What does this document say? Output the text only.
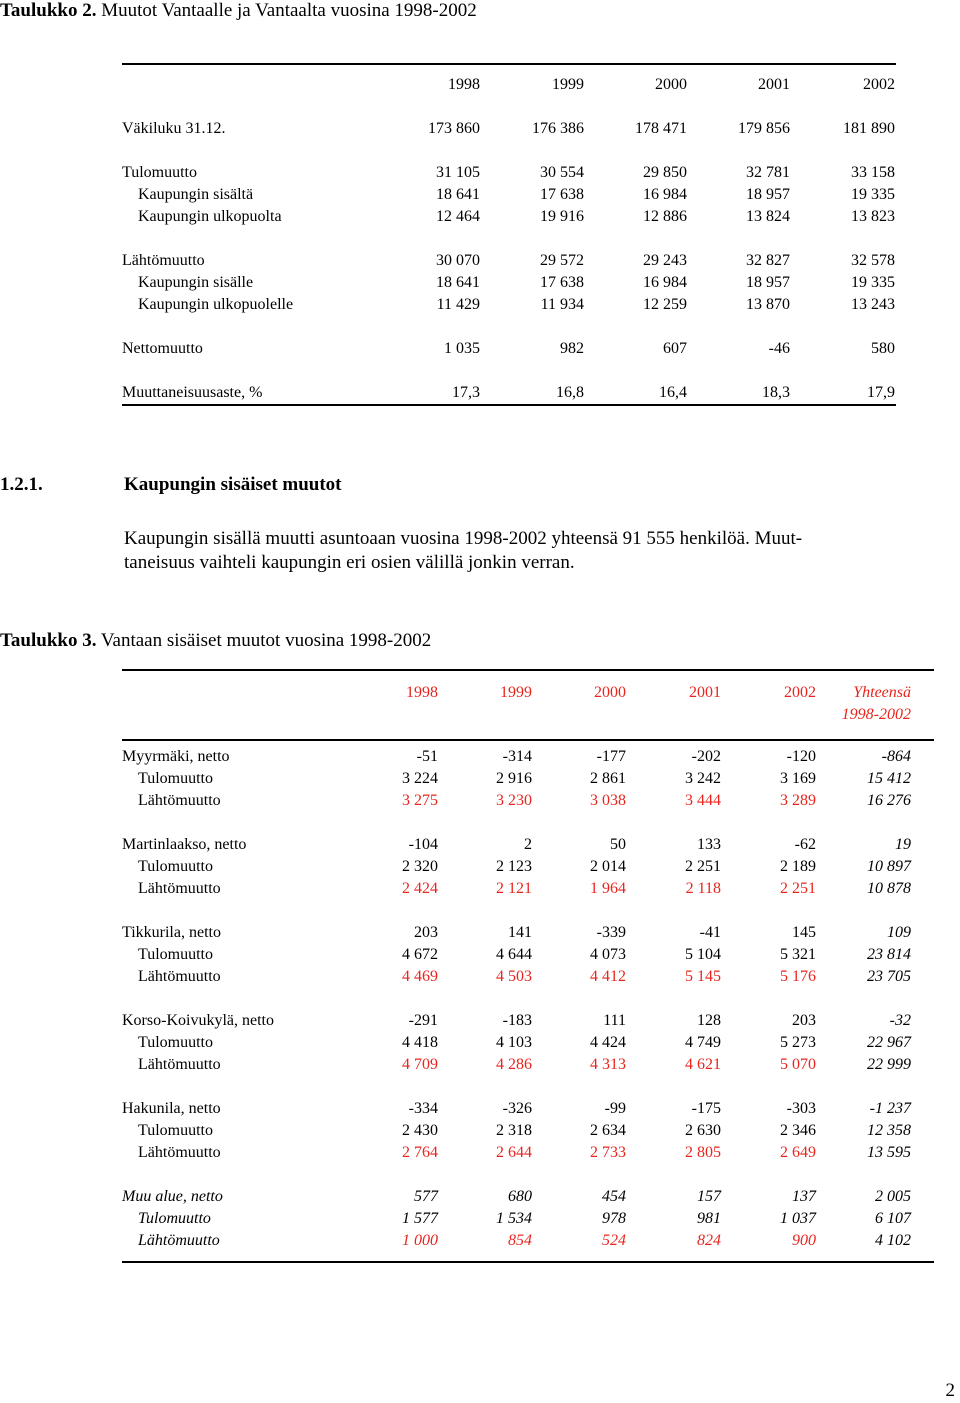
Taulukko 2. Muutot Vantaalle ja Vantaalta vuosina 1998-2002
	1998	1999	2000	2001	2002

Väkiluku 31.12.	173 860	176 386	178 471	179 856	181 890

Tulomuutto	31 105	30 554	29 850	32 781	33 158
Kaupungin sisältä	18 641	17 638	16 984	18 957	19 335
Kaupungin ulkopuolta	12 464	19 916	12 886	13 824	13 823

Lähtömuutto	30 070	29 572	29 243	32 827	32 578
Kaupungin sisälle	18 641	17 638	16 984	18 957	19 335
Kaupungin ulkopuolelle	11 429	11 934	12 259	13 870	13 243

Nettomuutto	1 035	982	607	-46	580

Muuttaneisuusaste, %	17,3	16,8	16,4	18,3	17,9
1.2.1.	Kaupungin sisäiset muutot
Kaupungin sisällä muutti asuntoaan vuosina 1998-2002 yhteensä 91 555 henkilöä. Muut-
taneisuus vaihteli kaupungin eri osien välillä jonkin verran.
Taulukko 3. Vantaan sisäiset muutot vuosina 1998-2002
	1998	1999	2000	2001	2002	Yhteensä
						1998-2002
Myyrmäki, netto	-51	-314	-177	-202	-120	-864
Tulomuutto	3 224	2 916	2 861	3 242	3 169	15 412
Lähtömuutto	3 275	3 230	3 038	3 444	3 289	16 276

Martinlaakso, netto	-104	2	50	133	-62	19
Tulomuutto	2 320	2 123	2 014	2 251	2 189	10 897
Lähtömuutto	2 424	2 121	1 964	2 118	2 251	10 878

Tikkurila, netto	203	141	-339	-41	145	109
Tulomuutto	4 672	4 644	4 073	5 104	5 321	23 814
Lähtömuutto	4 469	4 503	4 412	5 145	5 176	23 705

Korso-Koivukylä, netto	-291	-183	111	128	203	-32
Tulomuutto	4 418	4 103	4 424	4 749	5 273	22 967
Lähtömuutto	4 709	4 286	4 313	4 621	5 070	22 999

Hakunila, netto	-334	-326	-99	-175	-303	-1 237
Tulomuutto	2 430	2 318	2 634	2 630	2 346	12 358
Lähtömuutto	2 764	2 644	2 733	2 805	2 649	13 595

Muu alue, netto	577	680	454	157	137	2 005
Tulomuutto	1 577	1 534	978	981	1 037	6 107
Lähtömuutto	1 000	854	524	824	900	4 102
2
